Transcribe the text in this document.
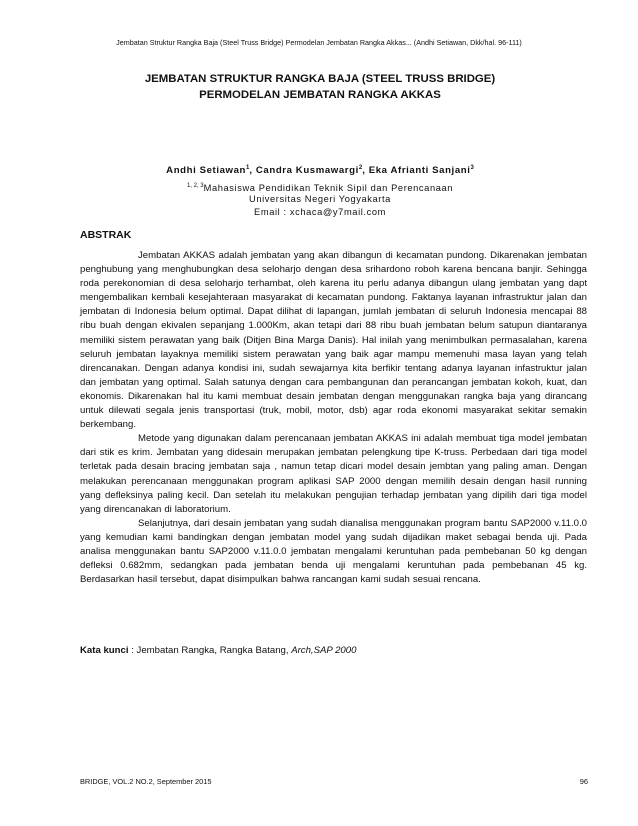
Jembatan Struktur Rangka Baja (Steel Truss Bridge) Permodelan Jembatan Rangka Akkas... (Andhi Setiawan, Dkk/hal. 96-111)
JEMBATAN STRUKTUR RANGKA BAJA (STEEL TRUSS BRIDGE)
PERMODELAN JEMBATAN RANGKA AKKAS
Andhi Setiawan$^1$, Candra Kusmawargi$^2$, Eka Afrianti Sanjani$^3$
$^{1, 2, 3}$Mahasiswa Pendidikan Teknik Sipil dan Perencanaan
Universitas Negeri Yogyakarta
Email : xchaca@y7mail.com
ABSTRAK

Jembatan AKKAS adalah jembatan yang akan dibangun di kecamatan pundong. Dikarenakan jembatan penghubung yang menghubungkan desa seloharjo dengan desa srihardono roboh karena bencana banjir. Sehingga roda perekonomian di desa seloharjo terhambat, oleh karena itu perlu adanya dibangun ulang jembatan yang dapt mengembalikan kembali kesejahteraan masyarakat di kecamatan pundong. Faktanya layanan infrastruktur jalan dan jembatan di Indonesia belum optimal. Dapat dilihat di lapangan, jumlah jembatan di seluruh Indonesia mencapai 88 ribu buah dengan ekivalen sepanjang 1.000Km, akan tetapi dari 88 ribu buah jembatan belum satupun diantaranya memiliki sistem perawatan yang baik (Ditjen Bina Marga Danis). Hal inilah yang menimbulkan permasalahan, karena seluruh jembatan layaknya memiliki sistem perawatan yang baik agar mampu memenuhi masa layan yang telah direncanakan. Dengan adanya kondisi ini, sudah sewajarnya kita berfikir tentang adanya layanan infastruktur jalan dan jembatan yang optimal. Salah satunya dengan cara pembangunan dan perancangan jembatan kokoh, kuat, dan ekonomis. Dikarenakan hal itu kami membuat desain jembatan dengan menggunakan rangka baja yang dirancang untuk dilewati segala jenis transportasi (truk, mobil, motor, dsb) agar roda ekonomi masyarakat sekitar semakin berkembang.

Metode yang digunakan dalam perencanaan jembatan AKKAS ini adalah membuat tiga model jembatan dari stik es krim. Jembatan yang didesain merupakan jembatan pelengkung tipe K-truss. Perbedaan dari tiga model terletak pada desain bracing jembatan saja , namun tetap dicari model desain jembtan yang paling aman. Dengan melakukan perencanaan menggunakan program aplikasi SAP 2000 dengan memilih desain dengan hasil running yang defleksinya paling kecil. Dan setelah itu melakukan pengujian terhadap jembatan yang dipilih dari tiga model yang direncanakan di laboratorium.

Selanjutnya, dari desain jembatan yang sudah dianalisa menggunakan program bantu SAP2000 v.11.0.0 yang kemudian kami bandingkan dengan jembatan model yang sudah dijadikan maket sebagai benda uji. Pada analisa menggunakan bantu SAP2000 v.11.0.0 jembatan mengalami keruntuhan pada pembebanan 50 kg dengan defleksi 0.682mm, sedangkan pada jembatan benda uji mengalami keruntuhan pada pembebanan 45 kg. Berdasarkan hasil tersebut, dapat disimpulkan bahwa rancangan kami sudah sesuai rencana.

Kata kunci : Jembatan Rangka, Rangka Batang, Arch,SAP 2000
BRIDGE, VOL.2 NO.2, September 2015	96
